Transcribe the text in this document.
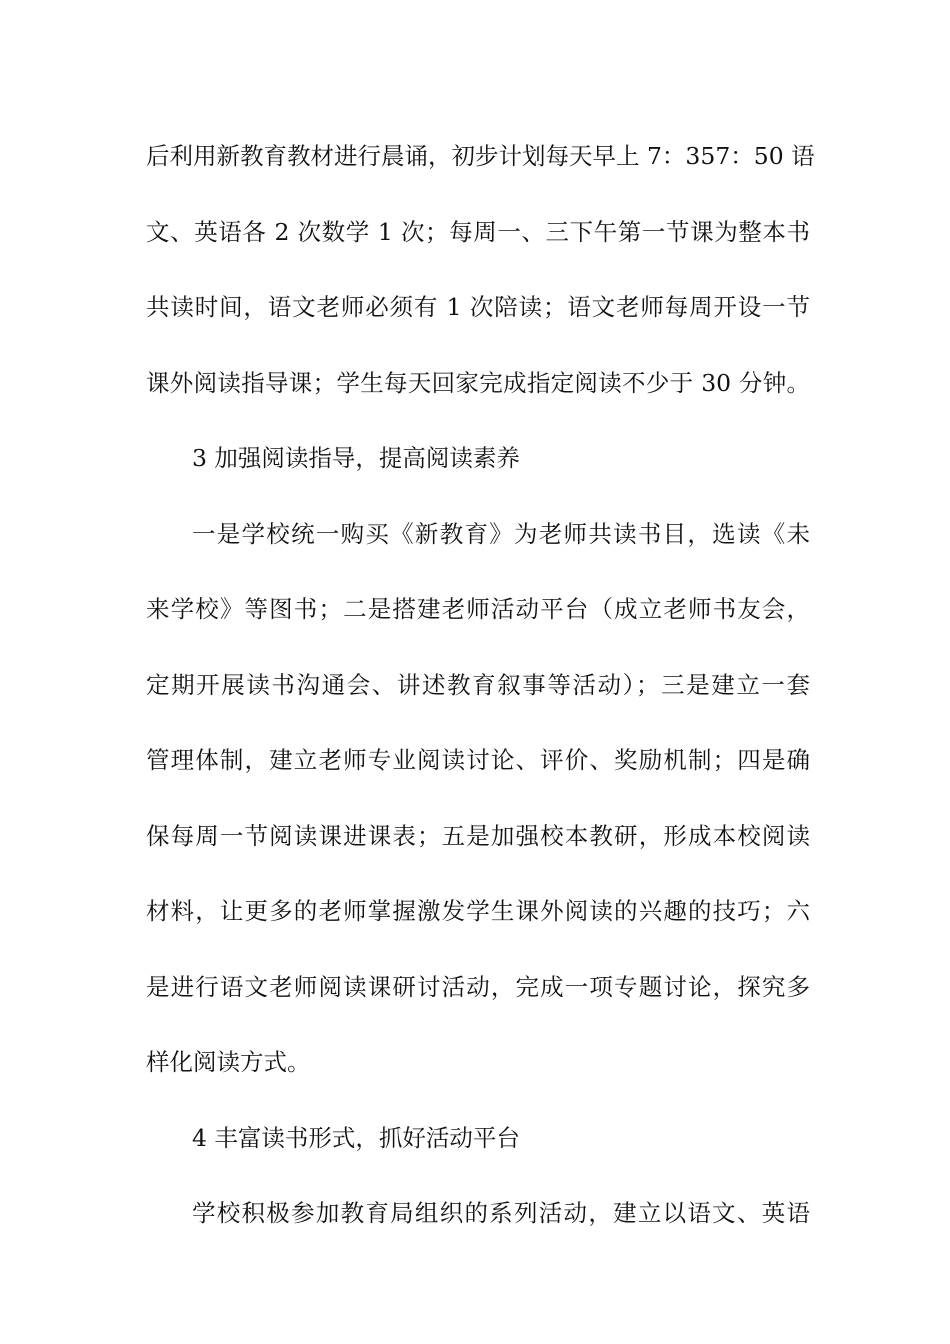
后利用新教育教材进行晨诵，初步计划每天早上 7：357：50 语
文、英语各 2 次数学 1 次；每周一、三下午第一节课为整本书
共读时间，语文老师必须有 1 次陪读；语文老师每周开设一节
课外阅读指导课；学生每天回家完成指定阅读不少于 30 分钟。
3 加强阅读指导，提高阅读素养
一是学校统一购买《新教育》为老师共读书目，选读《未
来学校》等图书；二是搭建老师活动平台（成立老师书友会，
定期开展读书沟通会、讲述教育叙事等活动）；三是建立一套
管理体制，建立老师专业阅读讨论、评价、奖励机制；四是确
保每周一节阅读课进课表；五是加强校本教研，形成本校阅读
材料，让更多的老师掌握激发学生课外阅读的兴趣的技巧；六
是进行语文老师阅读课研讨活动，完成一项专题讨论，探究多
样化阅读方式。
4 丰富读书形式，抓好活动平台
学校积极参加教育局组织的系列活动，建立以语文、英语
